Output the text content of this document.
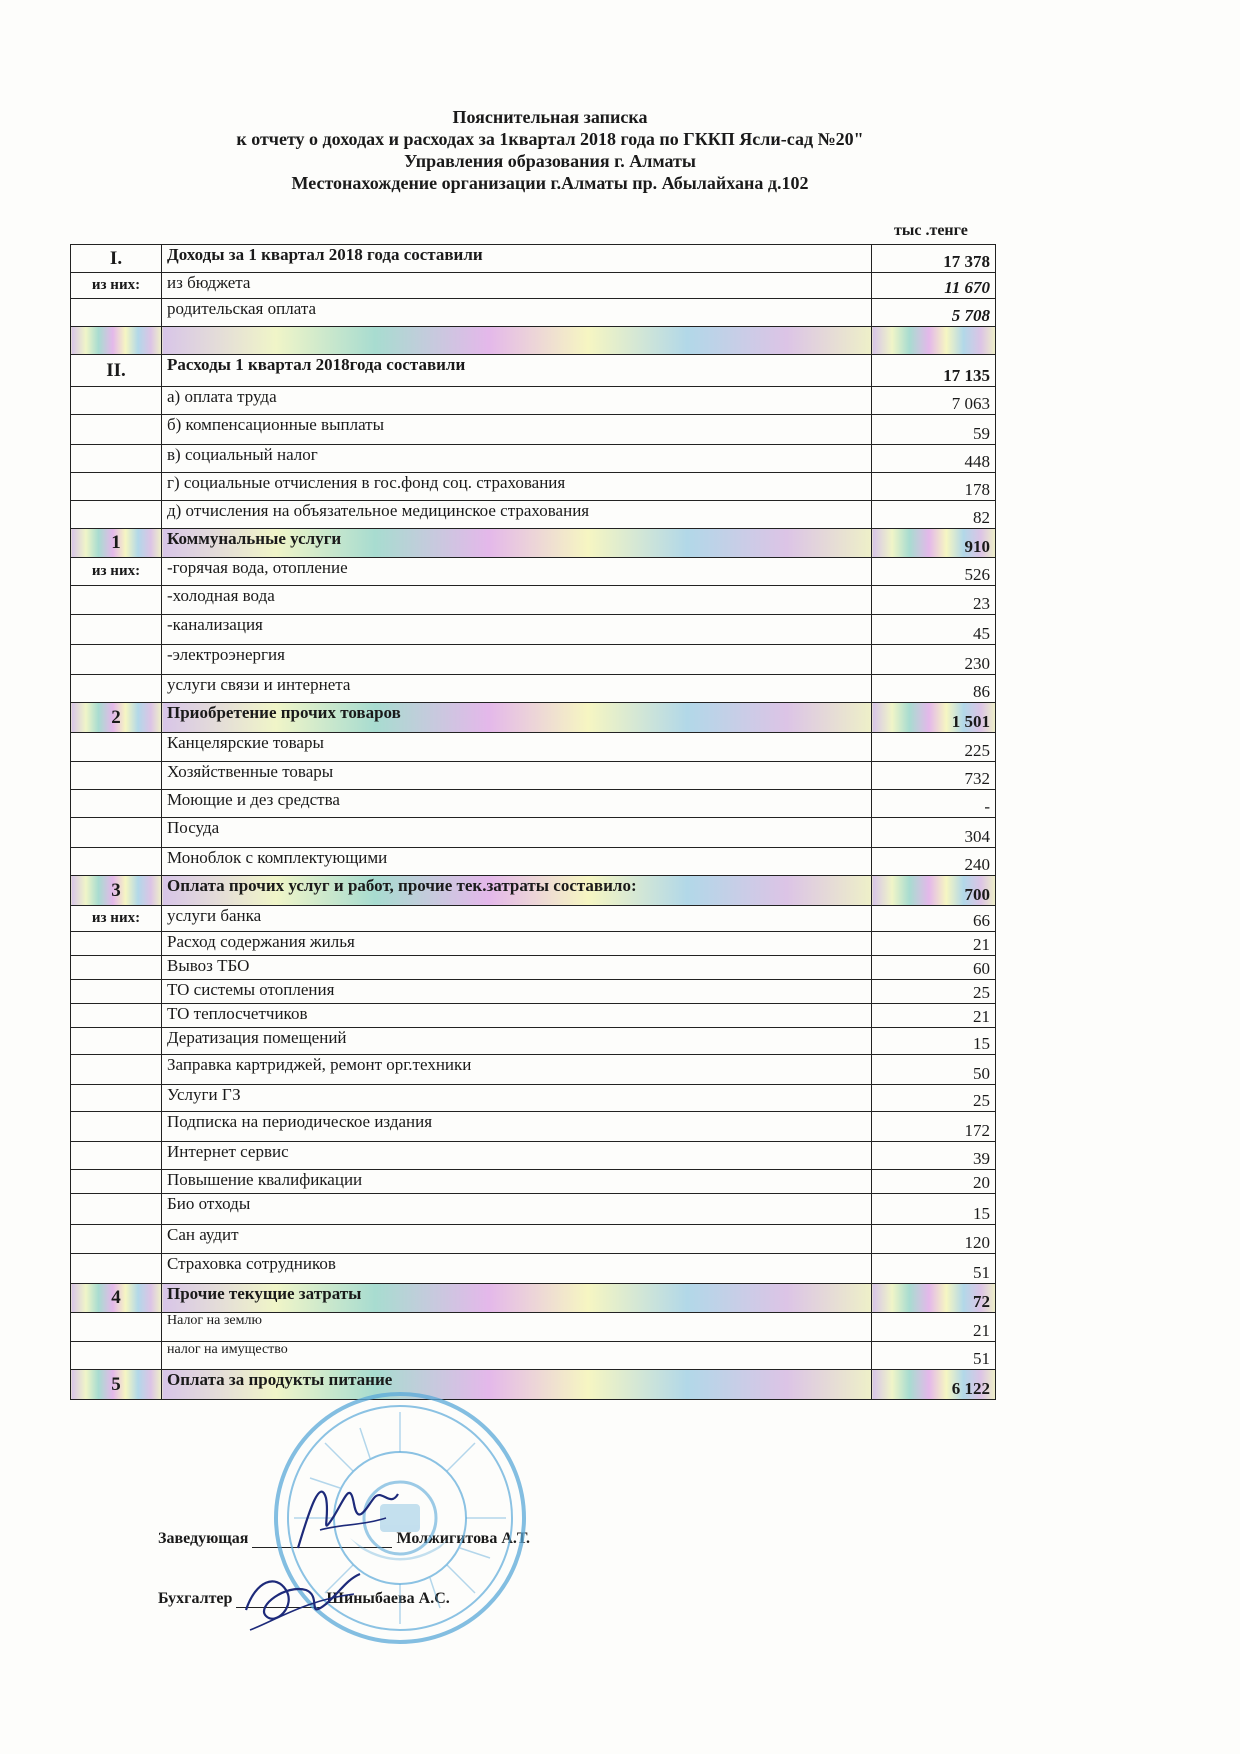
Пояснительная записка
к отчету о доходах и расходах за 1квартал 2018 года по ГККП Ясли-сад №20"
Управления образования г. Алматы
Местонахождение организации г.Алматы пр. Абылайхана д.102
тыс .тенге
I.	Доходы за 1 квартал 2018 года составили	17 378
из них:	из бюджета	11 670
	родительская оплата	5 708

II.	Расходы 1 квартал 2018года составили	17 135
	а) оплата труда	7 063
	б) компенсационные выплаты	59
	в) социальный налог	448
	г) социальные отчисления в гос.фонд соц. страхования	178
	д) отчисления на объязательное медицинское страхования	82
1	Коммунальные услуги	910
из них:	-горячая вода, отопление	526
	-холодная вода	23
	-канализация	45
	-электроэнергия	230
	услуги связи и интернета	86
2	Приобретение прочих товаров	1 501
	Канцелярские товары	225
	Хозяйственные товары	732
	Моющие и дез средства	-
	Посуда	304
	Моноблок с комплектующими	240
3	Оплата прочих услуг и работ, прочие тек.затраты составило:	700
из них:	услуги банка	66
	Расход содержания жилья	21
	Вывоз ТБО	60
	ТО системы отопления	25
	ТО теплосчетчиков	21
	Дератизация помещений	15
	Заправка картриджей, ремонт орг.техники	50
	Услуги ГЗ	25
	Подписка на периодическое издания	172
	Интернет сервис	39
	Повышение квалификации	20
	Био отходы	15
	Сан аудит	120
	Страховка сотрудников	51
4	Прочие текущие затраты	72
	Налог на землю	21
	налог на имущество	51
5	Оплата за продукты питание	6 122
Заведующая	Молжигитова А.Т.
Бухгалтер	Шиныбаева А.С.
